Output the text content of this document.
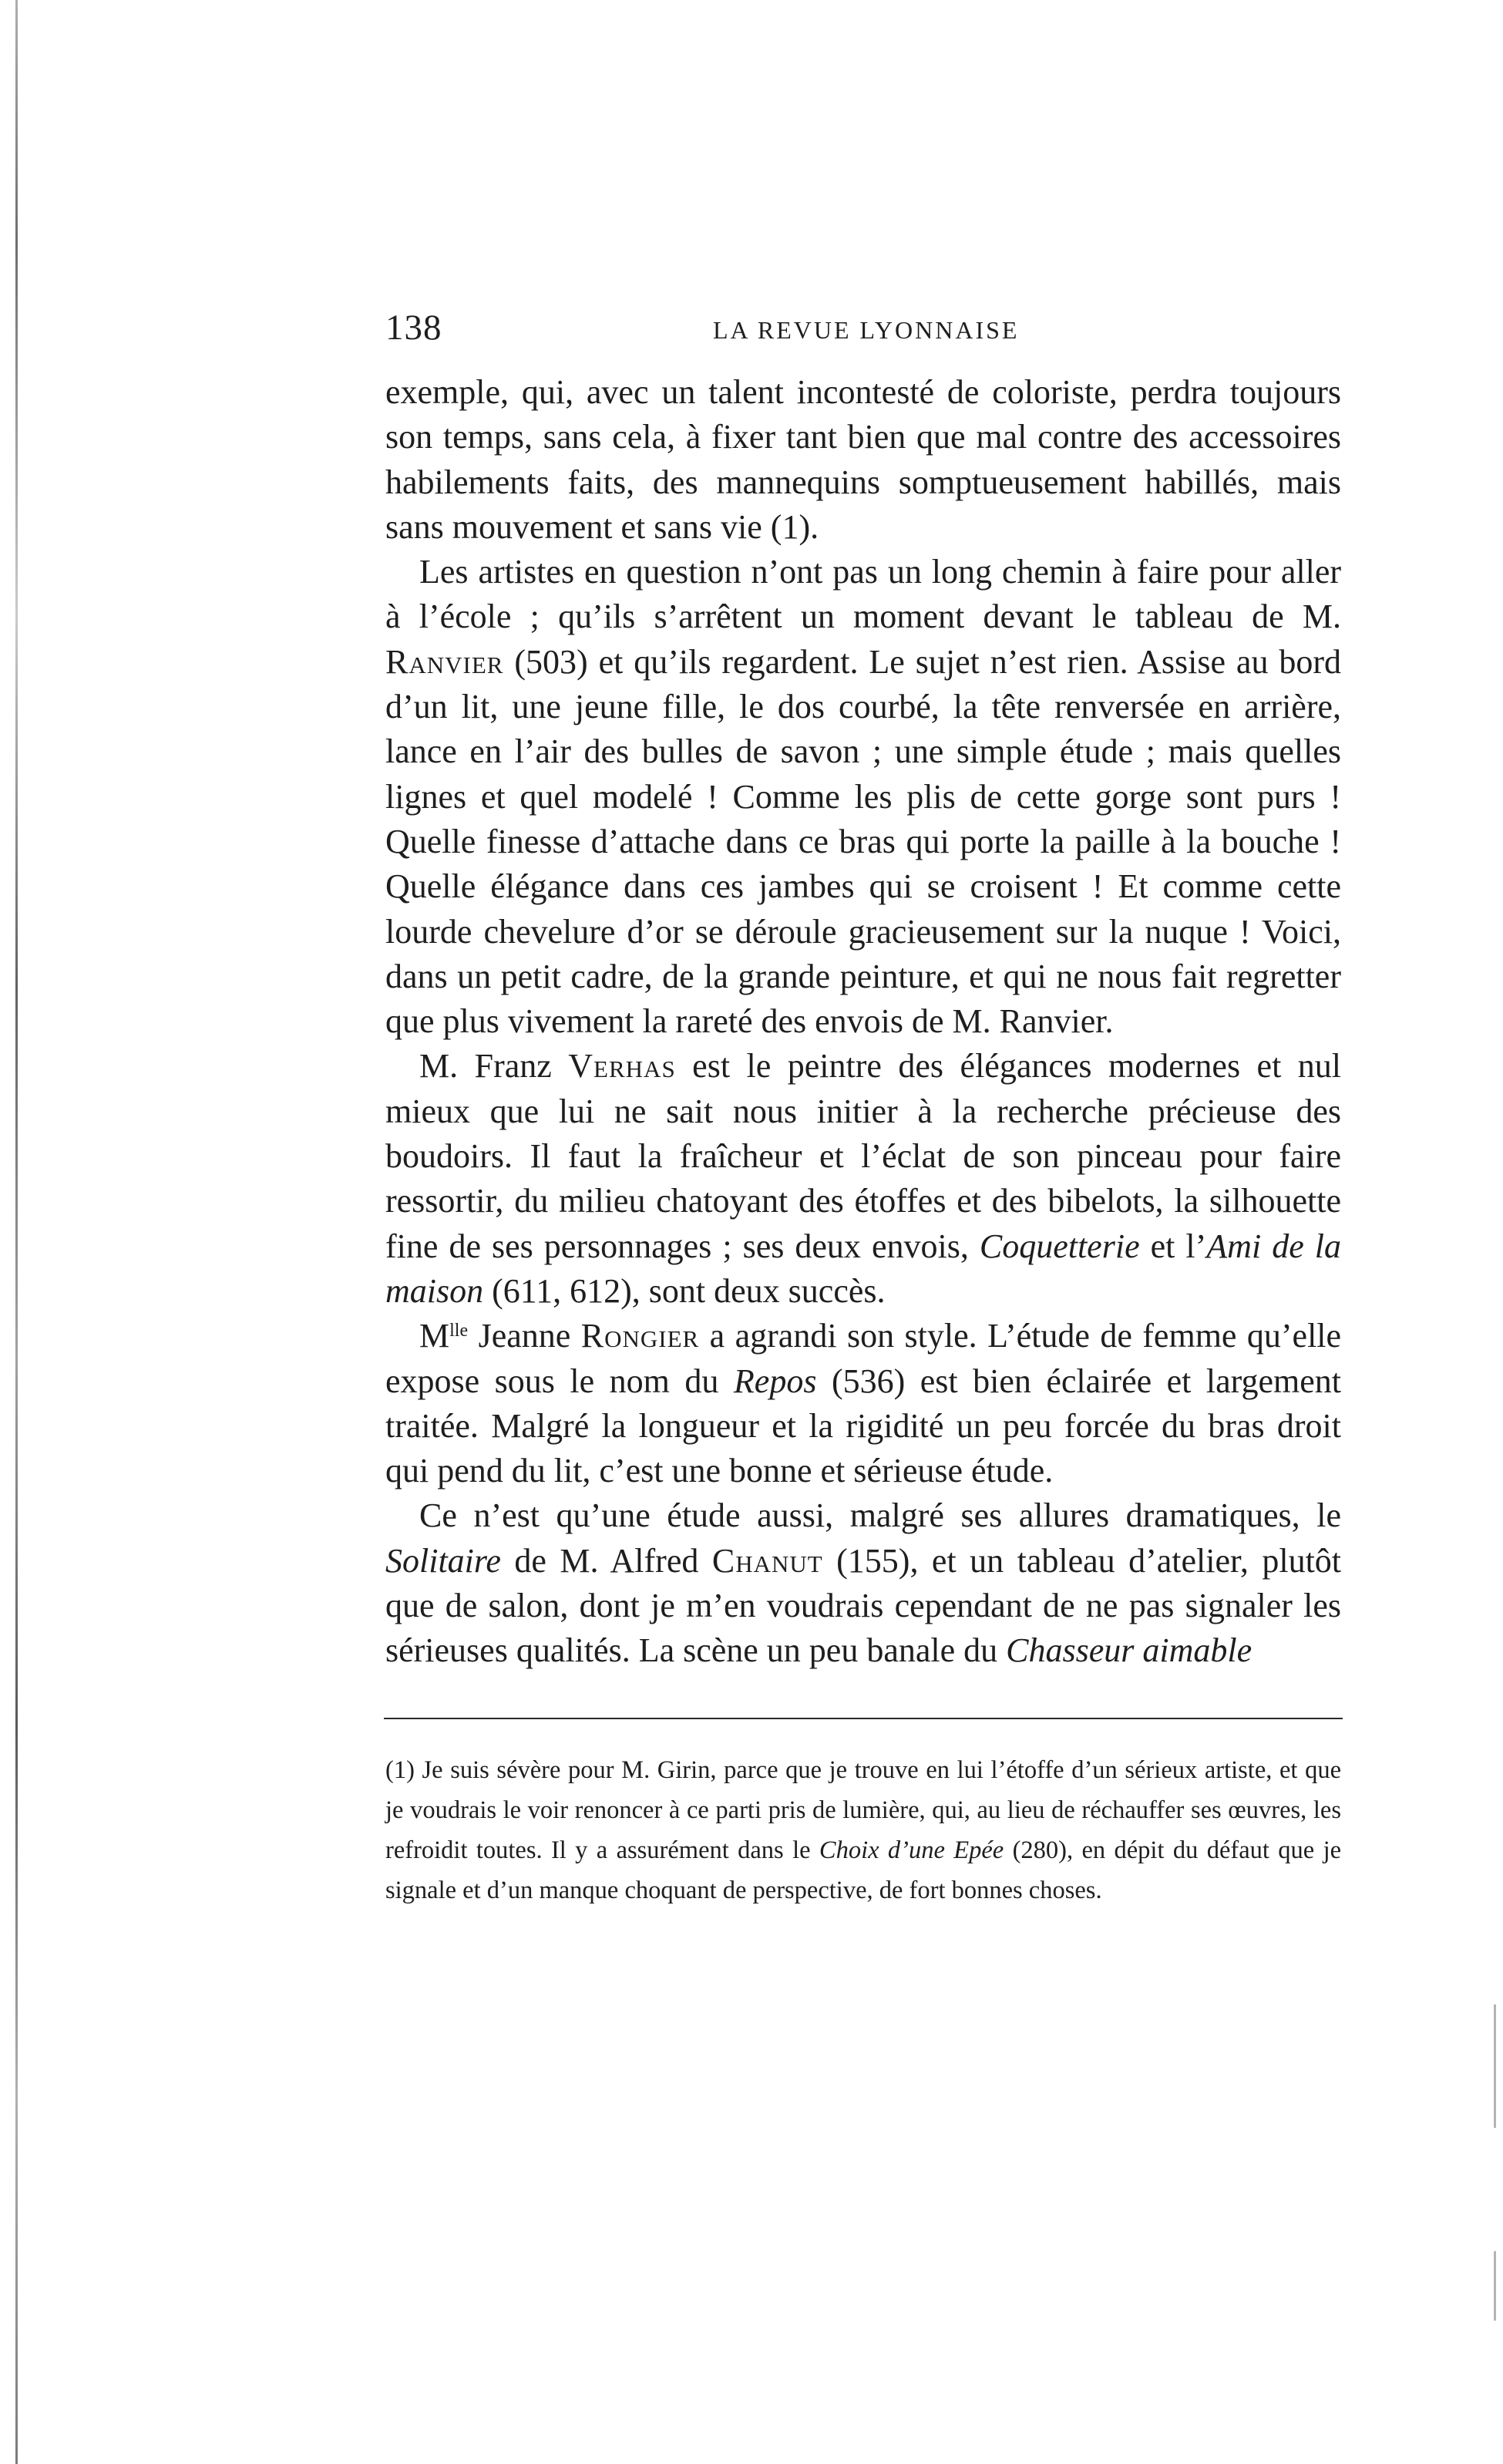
138	LA REVUE LYONNAISE

exemple, qui, avec un talent incontesté de coloriste, perdra toujours son temps, sans cela, à fixer tant bien que mal contre des accessoires habilements faits, des mannequins somptueusement habillés, mais sans mouvement et sans vie (1).

Les artistes en question n’ont pas un long chemin à faire pour aller à l’école ; qu’ils s’arrêtent un moment devant le tableau de M. Ranvier (503) et qu’ils regardent. Le sujet n’est rien. Assise au bord d’un lit, une jeune fille, le dos courbé, la tête renversée en arrière, lance en l’air des bulles de savon ; une simple étude ; mais quelles lignes et quel modelé ! Comme les plis de cette gorge sont purs ! Quelle finesse d’attache dans ce bras qui porte la paille à la bouche ! Quelle élégance dans ces jambes qui se croisent ! Et comme cette lourde chevelure d’or se déroule gracieusement sur la nuque ! Voici, dans un petit cadre, de la grande peinture, et qui ne nous fait regretter que plus vivement la rareté des envois de M. Ranvier.

M. Franz Verhas est le peintre des élégances modernes et nul mieux que lui ne sait nous initier à la recherche précieuse des boudoirs. Il faut la fraîcheur et l’éclat de son pinceau pour faire ressortir, du milieu chatoyant des étoffes et des bibelots, la silhouette fine de ses personnages ; ses deux envois, Coquetterie et l’Ami de la maison (611, 612), sont deux succès.

$M^{lle}$ Jeanne Rongier a agrandi son style. L’étude de femme qu’elle expose sous le nom du Repos (536) est bien éclairée et largement traitée. Malgré la longueur et la rigidité un peu forcée du bras droit qui pend du lit, c’est une bonne et sérieuse étude.

Ce n’est qu’une étude aussi, malgré ses allures dramatiques, le Solitaire de M. Alfred Chanut (155), et un tableau d’atelier, plutôt que de salon, dont je m’en voudrais cependant de ne pas signaler les sérieuses qualités. La scène un peu banale du Chasseur aimable

(1) Je suis sévère pour M. Girin, parce que je trouve en lui l’étoffe d’un sérieux artiste, et que je voudrais le voir renoncer à ce parti pris de lumière, qui, au lieu de réchauffer ses œuvres, les refroidit toutes. Il y a assurément dans le Choix d’une Epée (280), en dépit du défaut que je signale et d’un manque choquant de perspective, de fort bonnes choses.
